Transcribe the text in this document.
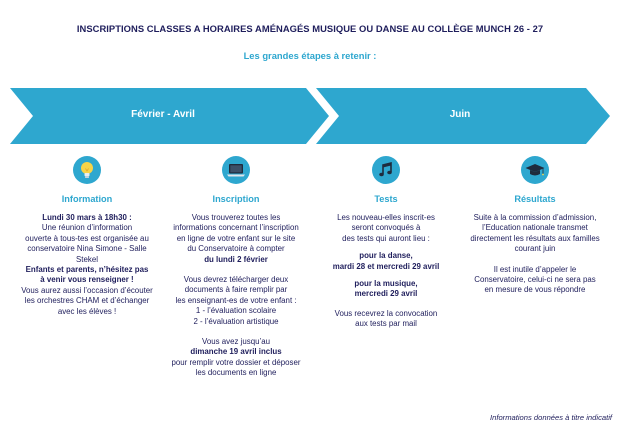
INSCRIPTIONS CLASSES A HORAIRES AMÉNAGÉS MUSIQUE OU DANSE AU COLLÈGE MUNCH 26 - 27
Les grandes étapes à retenir :
Février - Avril	Juin
Information

Lundi 30 mars à 18h30 :

Une réunion d’information

ouverte à tous-tes est organisée au

conservatoire Nina Simone - Salle

Stekel

Enfants et parents, n’hésitez pas

à venir vous renseigner !

Vous aurez aussi l’occasion d’écouter

les orchestres CHAM et d’échanger

avec les élèves !

Inscription

Vous trouverez toutes les

informations concernant l’inscription

en ligne de votre enfant sur le site

du Conservatoire à compter

du lundi 2 février

Vous devrez télécharger deux

documents à faire remplir par

les enseignant-es de votre enfant :

1 - l’évaluation scolaire

2 - l’évaluation artistique

Vous avez jusqu’au

dimanche 19 avril inclus

pour remplir votre dossier et déposer

les documents en ligne

Tests

Les nouveau-elles inscrit-es

seront convoqués à

des tests qui auront lieu :

pour la danse,

mardi 28 et mercredi 29 avril

pour la musique,

mercredi 29 avril

Vous recevrez la convocation

aux tests par mail

Résultats

Suite à la commission d’admission,

l’Education nationale transmet

directement les résultats aux familles

courant juin

Il est inutile d’appeler le

Conservatoire, celui-ci ne sera pas

en mesure de vous répondre

Informations données à titre indicatif
